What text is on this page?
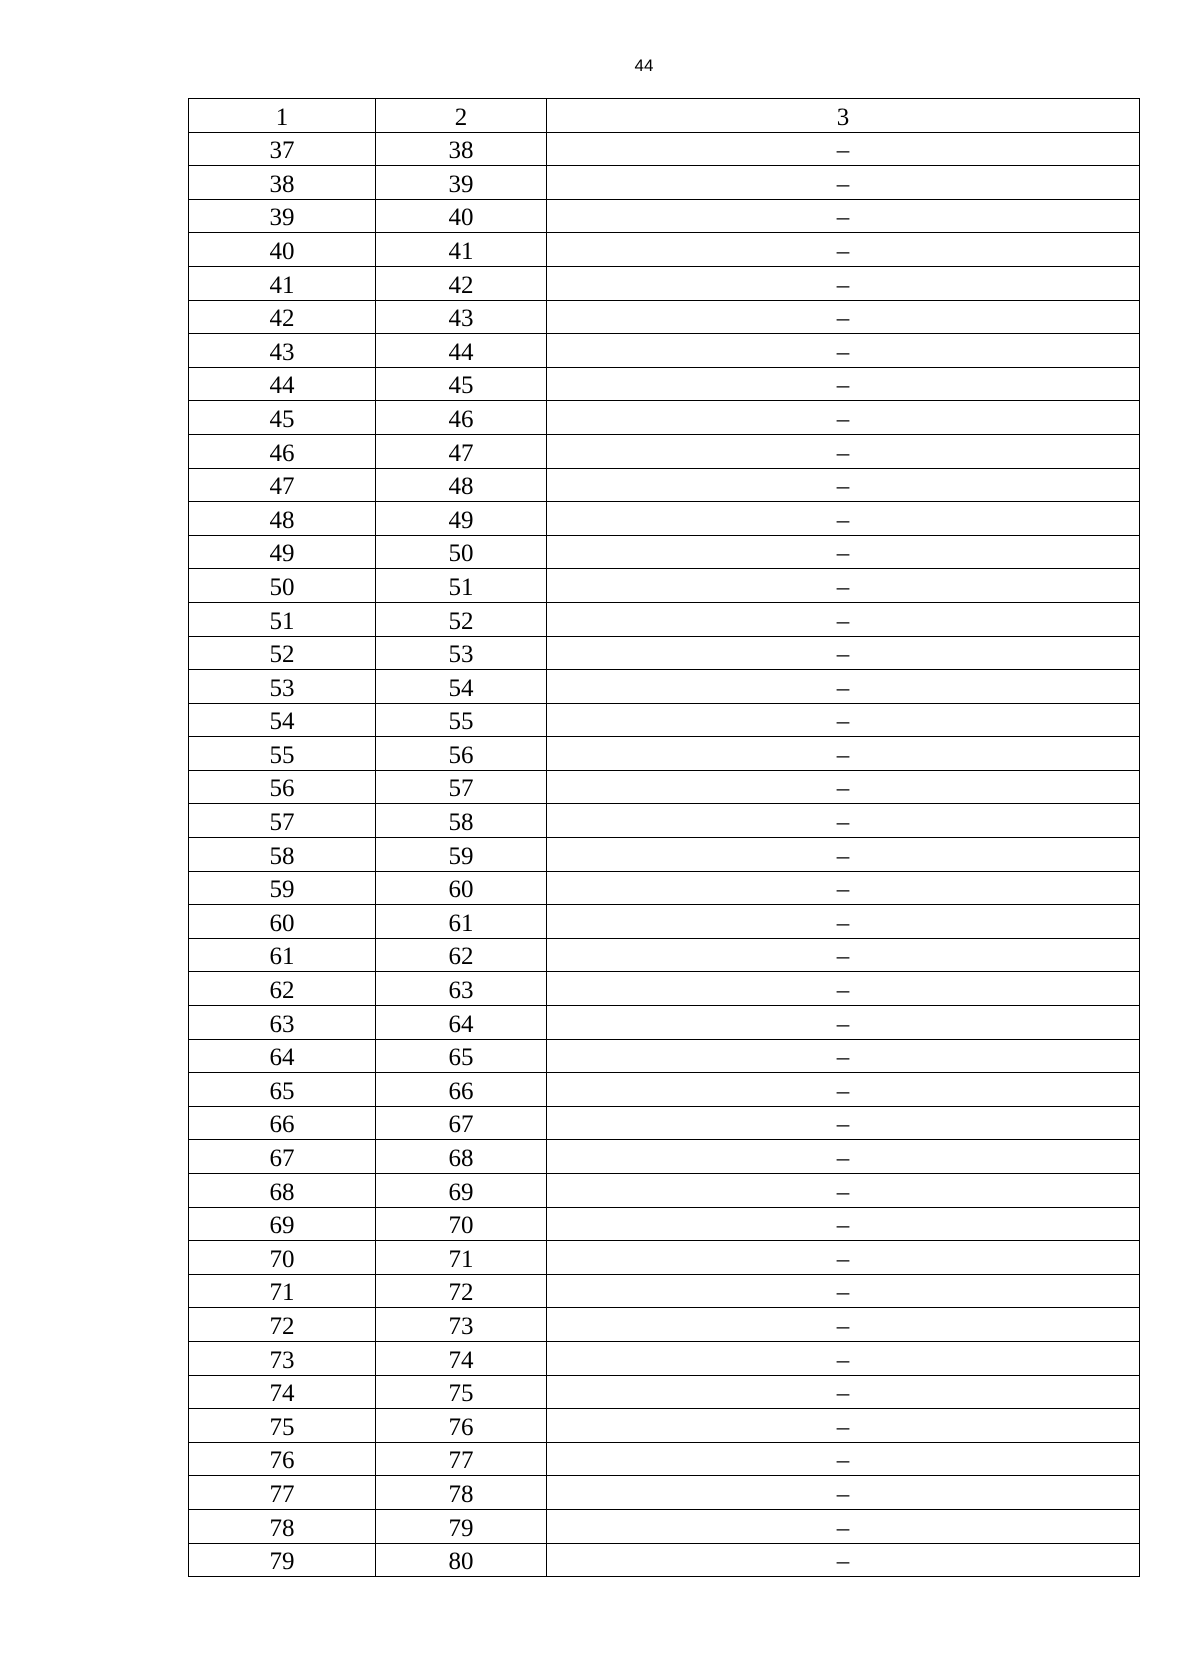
44
1	2	3
37	38	–
38	39	–
39	40	–
40	41	–
41	42	–
42	43	–
43	44	–
44	45	–
45	46	–
46	47	–
47	48	–
48	49	–
49	50	–
50	51	–
51	52	–
52	53	–
53	54	–
54	55	–
55	56	–
56	57	–
57	58	–
58	59	–
59	60	–
60	61	–
61	62	–
62	63	–
63	64	–
64	65	–
65	66	–
66	67	–
67	68	–
68	69	–
69	70	–
70	71	–
71	72	–
72	73	–
73	74	–
74	75	–
75	76	–
76	77	–
77	78	–
78	79	–
79	80	–
